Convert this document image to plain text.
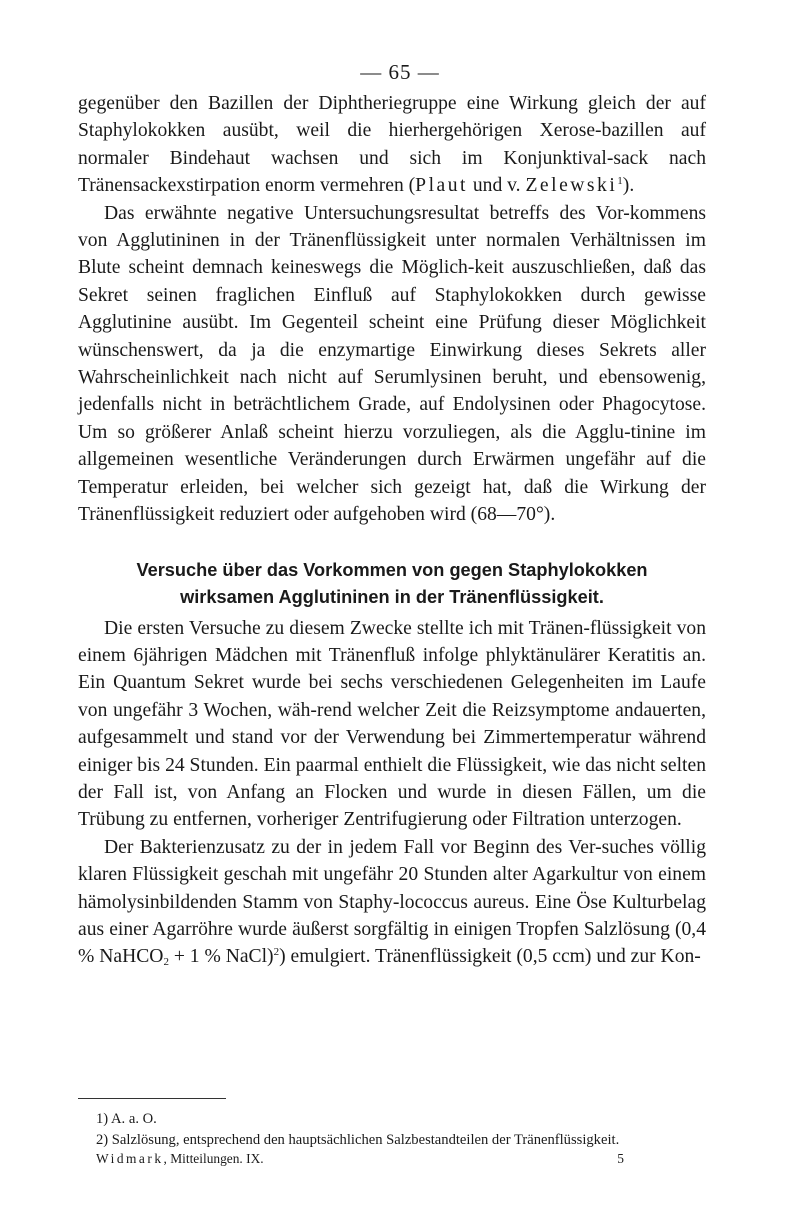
— 65 —

gegenüber den Bazillen der Diphtheriegruppe eine Wirkung gleich der auf Staphylokokken ausübt, weil die hierhergehörigen Xerose-bazillen auf normaler Bindehaut wachsen und sich im Konjunktival-sack nach Tränensackexstirpation enorm vermehren (Plaut und v. Zelewski$^1$).

Das erwähnte negative Untersuchungsresultat betreffs des Vor-kommens von Agglutininen in der Tränenflüssigkeit unter normalen Verhältnissen im Blute scheint demnach keineswegs die Möglich-keit auszuschließen, daß das Sekret seinen fraglichen Einfluß auf Staphylokokken durch gewisse Agglutinine ausübt. Im Gegenteil scheint eine Prüfung dieser Möglichkeit wünschenswert, da ja die enzymartige Einwirkung dieses Sekrets aller Wahrscheinlichkeit nach nicht auf Serumlysinen beruht, und ebensowenig, jedenfalls nicht in beträchtlichem Grade, auf Endolysinen oder Phagocytose. Um so größerer Anlaß scheint hierzu vorzuliegen, als die Agglu-tinine im allgemeinen wesentliche Veränderungen durch Erwärmen ungefähr auf die Temperatur erleiden, bei welcher sich gezeigt hat, daß die Wirkung der Tränenflüssigkeit reduziert oder aufgehoben wird (68—70°).

Versuche über das Vorkommen von gegen Staphylokokken
wirksamen Agglutininen in der Tränenflüssigkeit.

Die ersten Versuche zu diesem Zwecke stellte ich mit Tränen-flüssigkeit von einem 6jährigen Mädchen mit Tränenfluß infolge phlyktänulärer Keratitis an. Ein Quantum Sekret wurde bei sechs verschiedenen Gelegenheiten im Laufe von ungefähr 3 Wochen, wäh-rend welcher Zeit die Reizsymptome andauerten, aufgesammelt und stand vor der Verwendung bei Zimmertemperatur während einiger bis 24 Stunden. Ein paarmal enthielt die Flüssigkeit, wie das nicht selten der Fall ist, von Anfang an Flocken und wurde in diesen Fällen, um die Trübung zu entfernen, vorheriger Zentrifugierung oder Filtration unterzogen.

Der Bakterienzusatz zu der in jedem Fall vor Beginn des Ver-suches völlig klaren Flüssigkeit geschah mit ungefähr 20 Stunden alter Agarkultur von einem hämolysinbildenden Stamm von Staphy-lococcus aureus. Eine Öse Kulturbelag aus einer Agarröhre wurde äußerst sorgfältig in einigen Tropfen Salzlösung (0,4 % NaHCO$_2$ + 1 % NaCl)$^2$) emulgiert. Tränenflüssigkeit (0,5 ccm) und zur Kon-

1) A. a. O.
2) Salzlösung, entsprechend den hauptsächlichen Salzbestandteilen der Tränenflüssigkeit.
Widmark, Mitteilungen. IX.	5
